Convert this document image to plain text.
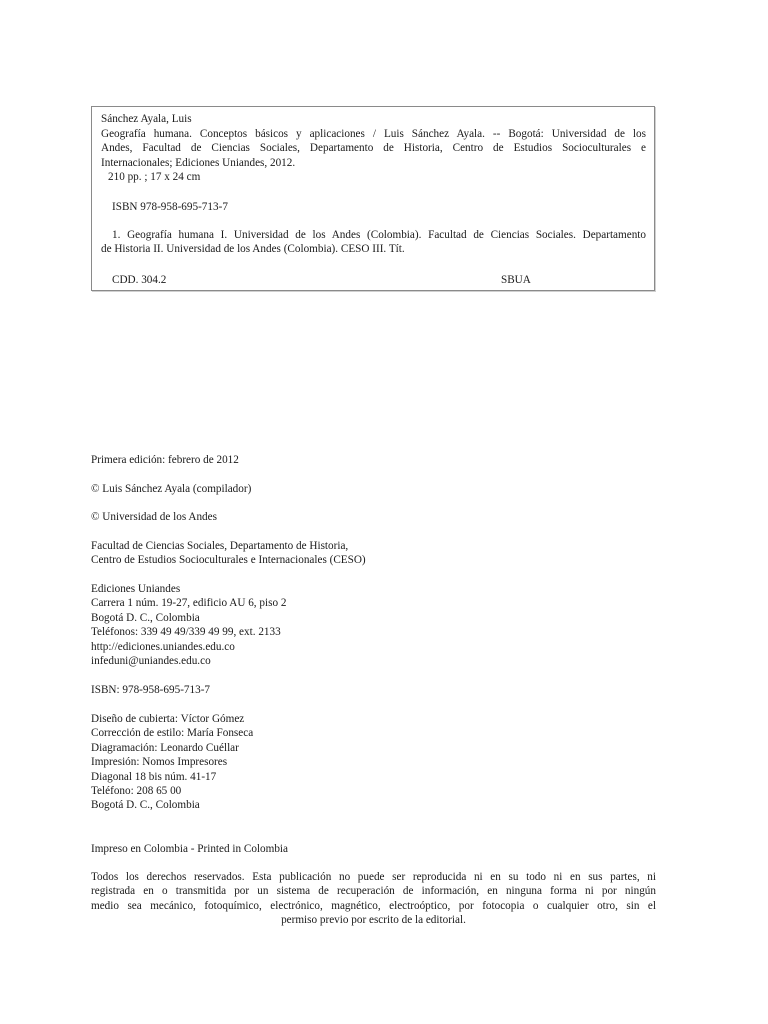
Sánchez Ayala, Luis
Geografía humana. Conceptos básicos y aplicaciones / Luis Sánchez Ayala. -- Bogotá: Universidad de los
Andes, Facultad de Ciencias Sociales, Departamento de Historia, Centro de Estudios Socioculturales e
Internacionales; Ediciones Uniandes, 2012.
210 pp. ; 17 x 24 cm
ISBN 978-958-695-713-7
1. Geografía humana I. Universidad de los Andes (Colombia). Facultad de Ciencias Sociales. Departamento
de Historia II. Universidad de los Andes (Colombia). CESO III. Tít.
CDD. 304.2	SBUA
Primera edición: febrero de 2012
© Luis Sánchez Ayala (compilador)
© Universidad de los Andes
Facultad de Ciencias Sociales, Departamento de Historia,
Centro de Estudios Socioculturales e Internacionales (CESO)
Ediciones Uniandes
Carrera 1 núm. 19-27, edificio AU 6, piso 2
Bogotá D. C., Colombia
Teléfonos: 339 49 49/339 49 99, ext. 2133
http://ediciones.uniandes.edu.co
infeduni@uniandes.edu.co
ISBN: 978-958-695-713-7
Diseño de cubierta: Víctor Gómez
Corrección de estilo: María Fonseca
Diagramación: Leonardo Cuéllar
Impresión: Nomos Impresores
Diagonal 18 bis núm. 41-17
Teléfono: 208 65 00
Bogotá D. C., Colombia
Impreso en Colombia - Printed in Colombia
Todos los derechos reservados. Esta publicación no puede ser reproducida ni en su todo ni en sus partes, ni
registrada en o transmitida por un sistema de recuperación de información, en ninguna forma ni por ningún
medio sea mecánico, fotoquímico, electrónico, magnético, electroóptico, por fotocopia o cualquier otro, sin el
permiso previo por escrito de la editorial.
